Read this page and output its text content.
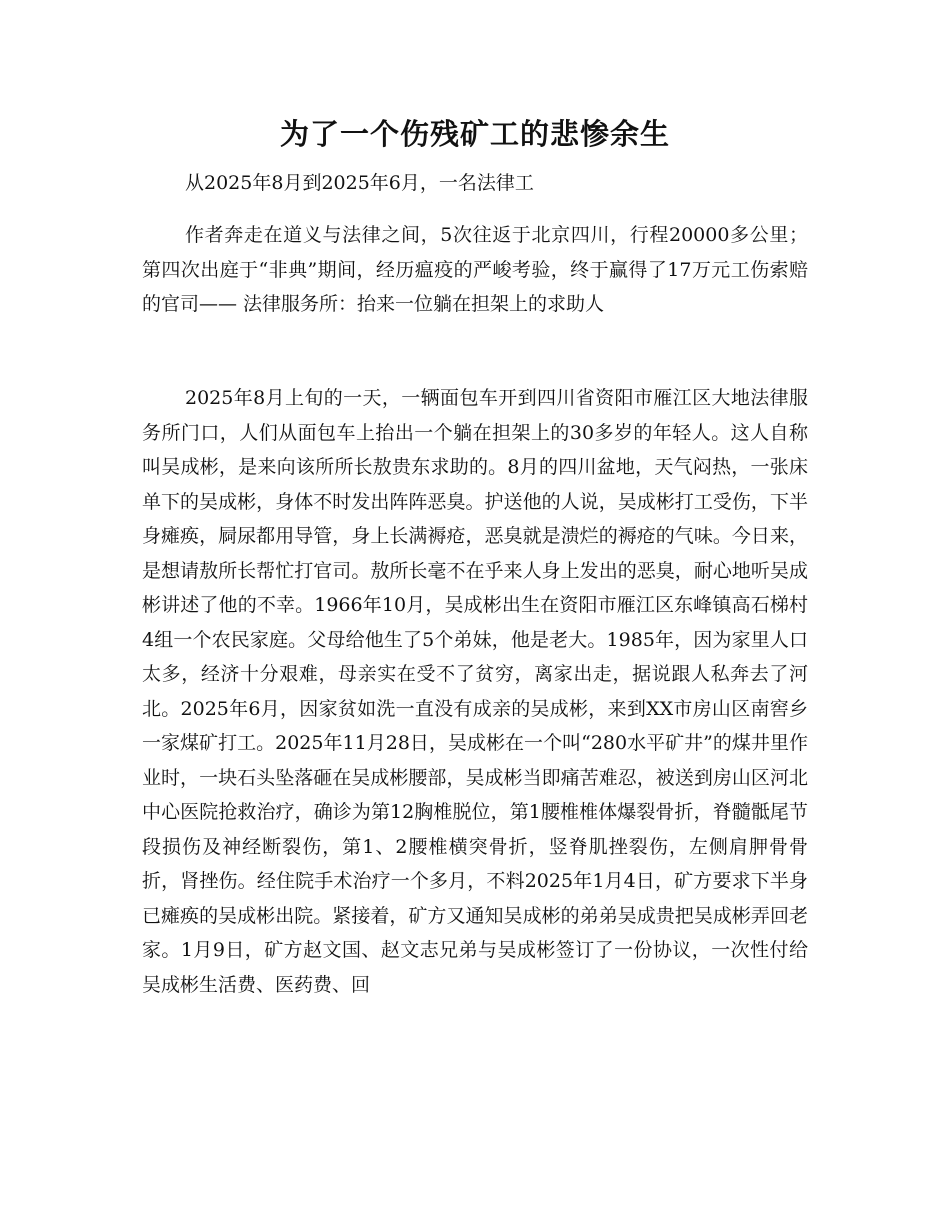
为了一个伤残矿工的悲惨余生

从2025年8月到2025年6月，一名法律工

作者奔走在道义与法律之间，5次往返于北京四川，行程20000多公里；第四次出庭于“非典”期间，经历瘟疫的严峻考验，终于赢得了17万元工伤索赔的官司—— 法律服务所：抬来一位躺在担架上的求助人

2025年8月上旬的一天，一辆面包车开到四川省资阳市雁江区大地法律服务所门口，人们从面包车上抬出一个躺在担架上的30多岁的年轻人。这人自称叫吴成彬，是来向该所所长敖贵东求助的。8月的四川盆地，天气闷热，一张床单下的吴成彬，身体不时发出阵阵恶臭。护送他的人说，吴成彬打工受伤，下半身瘫痪，屙尿都用导管，身上长满褥疮，恶臭就是溃烂的褥疮的气味。今日来，是想请敖所长帮忙打官司。敖所长毫不在乎来人身上发出的恶臭，耐心地听吴成彬讲述了他的不幸。1966年10月，吴成彬出生在资阳市雁江区东峰镇高石梯村4组一个农民家庭。父母给他生了5个弟妹，他是老大。1985年，因为家里人口太多，经济十分艰难，母亲实在受不了贫穷，离家出走，据说跟人私奔去了河北。2025年6月，因家贫如洗一直没有成亲的吴成彬，来到XX市房山区南窖乡一家煤矿打工。2025年11月28日，吴成彬在一个叫“280水平矿井”的煤井里作业时，一块石头坠落砸在吴成彬腰部，吴成彬当即痛苦难忍，被送到房山区河北中心医院抢救治疗，确诊为第12胸椎脱位，第1腰椎椎体爆裂骨折，脊髓骶尾节段损伤及神经断裂伤，第1、2腰椎横突骨折，竖脊肌挫裂伤，左侧肩胛骨骨折，肾挫伤。经住院手术治疗一个多月，不料2025年1月4日，矿方要求下半身已瘫痪的吴成彬出院。紧接着，矿方又通知吴成彬的弟弟吴成贵把吴成彬弄回老家。1月9日，矿方赵文国、赵文志兄弟与吴成彬签订了一份协议，一次性付给吴成彬生活费、医药费、回
